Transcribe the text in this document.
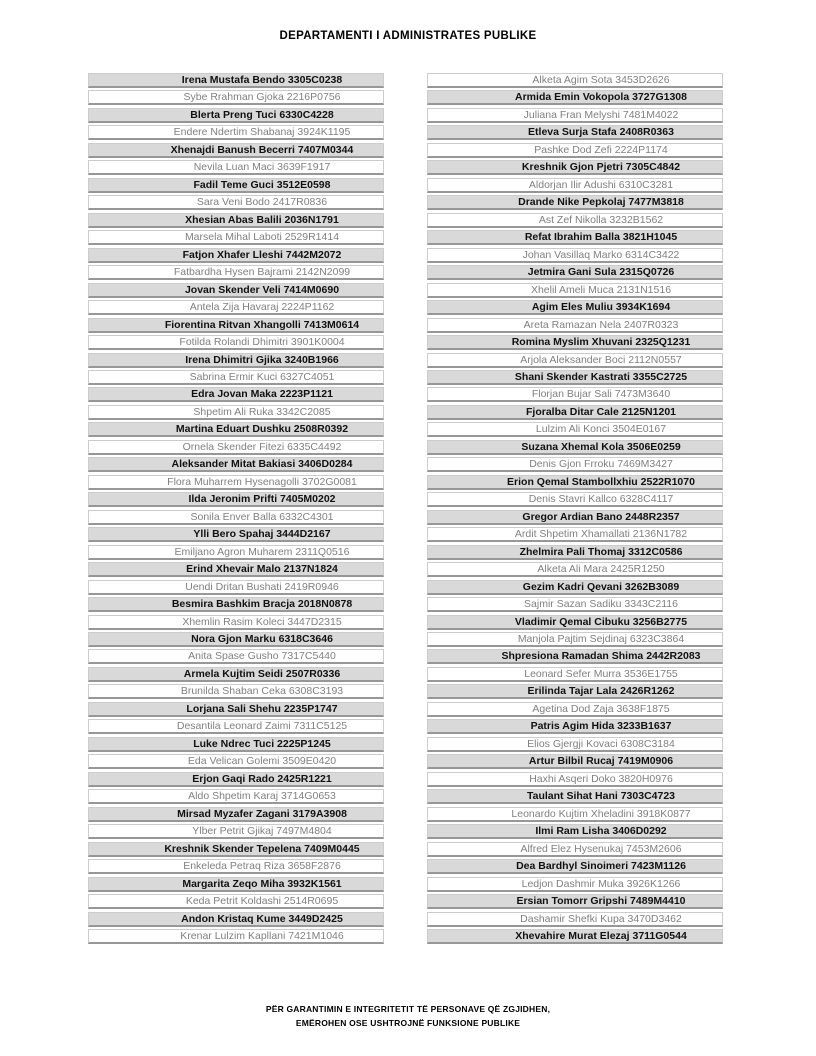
DEPARTAMENTI I ADMINISTRATES PUBLIKE
Irena Mustafa Bendo 3305C0238
Sybe Rrahman Gjoka 2216P0756
Blerta Preng Tuci 6330C4228
Endere Ndertim Shabanaj 3924K1195
Xhenajdi Banush Becerri 7407M0344
Nevila Luan Maci 3639F1917
Fadil Teme Guci 3512E0598
Sara Veni Bodo 2417R0836
Xhesian Abas Balili 2036N1791
Marsela Mihal Laboti 2529R1414
Fatjon Xhafer Lleshi 7442M2072
Fatbardha Hysen Bajrami 2142N2099
Jovan Skender Veli 7414M0690
Antela Zija Havaraj 2224P1162
Fiorentina Ritvan Xhangolli 7413M0614
Fotilda Rolandi Dhimitri 3901K0004
Irena Dhimitri Gjika 3240B1966
Sabrina Ermir Kuci 6327C4051
Edra Jovan Maka 2223P1121
Shpetim Ali Ruka 3342C2085
Martina Eduart Dushku 2508R0392
Ornela Skender Fitezi 6335C4492
Aleksander Mitat Bakiasi 3406D0284
Flora Muharrem Hysenagolli 3702G0081
Ilda Jeronim Prifti 7405M0202
Sonila Enver Balla 6332C4301
Ylli Bero Spahaj 3444D2167
Emiljano Agron Muharem 2311Q0516
Erind Xhevair Malo 2137N1824
Uendi Dritan Bushati 2419R0946
Besmira Bashkim Bracja 2018N0878
Xhemlin Rasim Koleci 3447D2315
Nora Gjon Marku 6318C3646
Anita Spase Gusho 7317C5440
Armela Kujtim Seidi 2507R0336
Brunilda Shaban Ceka 6308C3193
Lorjana Sali Shehu 2235P1747
Desantila Leonard Zaimi 7311C5125
Luke Ndrec Tuci 2225P1245
Eda Velican Golemi 3509E0420
Erjon Gaqi Rado 2425R1221
Aldo Shpetim Karaj 3714G0653
Mirsad Myzafer Zagani 3179A3908
Ylber Petrit Gjikaj 7497M4804
Kreshnik Skender Tepelena 7409M0445
Enkeleda Petraq Riza 3658F2876
Margarita Zeqo Miha 3932K1561
Keda Petrit Koldashi 2514R0695
Andon Kristaq Kume 3449D2425
Krenar Lulzim Kapllani 7421M1046
Alketa Agim Sota 3453D2626
Armida Emin Vokopola 3727G1308
Juliana Fran Melyshi 7481M4022
Etleva Surja Stafa 2408R0363
Pashke Dod Zefi 2224P1174
Kreshnik Gjon Pjetri 7305C4842
Aldorjan Ilir Adushi 6310C3281
Drande Nike Pepkolaj 7477M3818
Ast Zef Nikolla 3232B1562
Refat Ibrahim Balla 3821H1045
Johan Vasillaq Marko 6314C3422
Jetmira Gani Sula 2315Q0726
Xhelil Ameli Muca 2131N1516
Agim Eles Muliu 3934K1694
Areta Ramazan Nela 2407R0323
Romina Myslim Xhuvani 2325Q1231
Arjola Aleksander Boci 2112N0557
Shani Skender Kastrati 3355C2725
Florjan Bujar Sali 7473M3640
Fjoralba Ditar Cale 2125N1201
Lulzim Ali Konci 3504E0167
Suzana Xhemal Kola 3506E0259
Denis Gjon Frroku 7469M3427
Erion Qemal Stambollxhiu 2522R1070
Denis Stavri Kallco 6328C4117
Gregor Ardian Bano 2448R2357
Ardit Shpetim Xhamallati 2136N1782
Zhelmira Pali Thomaj 3312C0586
Alketa Ali Mara 2425R1250
Gezim Kadri Qevani 3262B3089
Sajmir Sazan Sadiku 3343C2116
Vladimir Qemal Cibuku 3256B2775
Manjola Pajtim Sejdinaj 6323C3864
Shpresiona Ramadan Shima 2442R2083
Leonard Sefer Murra 3536E1755
Erilinda Tajar Lala 2426R1262
Agetina Dod Zaja 3638F1875
Patris Agim Hida 3233B1637
Elios Gjergji Kovaci 6308C3184
Artur Bilbil Rucaj 7419M0906
Haxhi Asqeri Doko 3820H0976
Taulant Sihat Hani 7303C4723
Leonardo Kujtim Xheladini 3918K0877
Ilmi Ram Lisha 3406D0292
Alfred Elez Hysenukaj 7453M2606
Dea Bardhyl Sinoimeri 7423M1126
Ledjon Dashmir Muka 3926K1266
Ersian Tomorr Gripshi 7489M4410
Dashamir Shefki Kupa 3470D3462
Xhevahire Murat Elezaj 3711G0544
PËR GARANTIMIN E INTEGRITETIT TË PERSONAVE QË ZGJIDHEN,
EMËROHEN OSE USHTROJNË FUNKSIONE PUBLIKE
